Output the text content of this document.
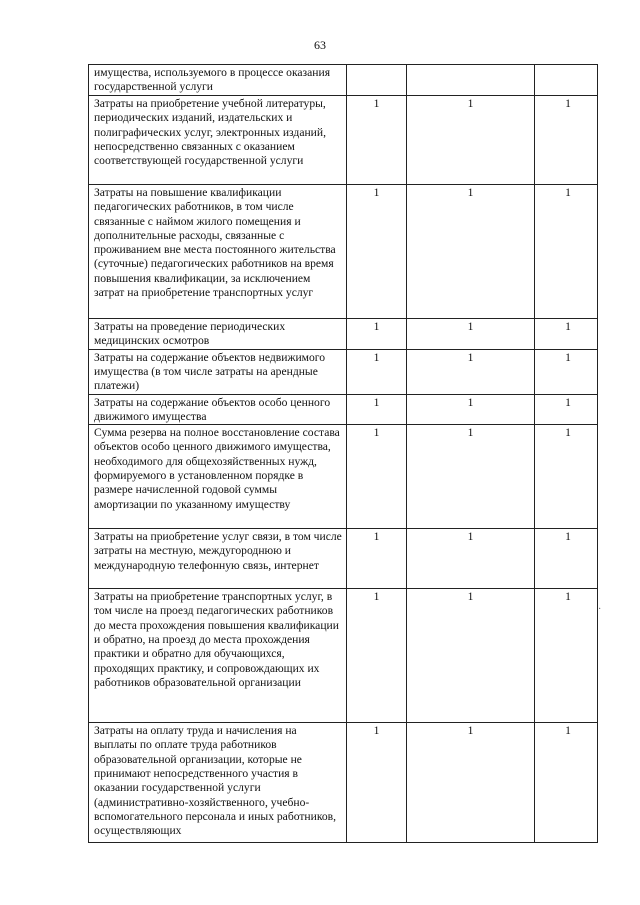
63
имущества, используемого в процессе оказания государственной услуги			
Затраты на приобретение учебной литературы, периодических изданий, издательских и полиграфических услуг, электронных изданий, непосредственно связанных с оказанием соответствующей государственной услуги	1	1	1
Затраты на повышение квалификации педагогических работников, в том числе связанные с наймом жилого помещения и дополнительные расходы, связанные с проживанием вне места постоянного жительства (суточные) педагогических работников на время повышения квалификации, за исключением затрат на приобретение транспортных услуг	1	1	1
Затраты на проведение периодических медицинских осмотров	1	1	1
Затраты на содержание объектов недвижимого имущества (в том числе затраты на арендные платежи)	1	1	1
Затраты на содержание объектов особо ценного движимого имущества	1	1	1
Сумма резерва на полное восстановление состава объектов особо ценного движимого имущества, необходимого для общехозяйственных нужд, формируемого в установленном порядке в размере начисленной годовой суммы амортизации по указанному имуществу	1	1	1
Затраты на приобретение услуг связи, в том числе затраты на местную, междугороднюю и международную телефонную связь, интернет	1	1	1
Затраты на приобретение транспортных услуг, в том числе на проезд педагогических работников до места прохождения повышения квалификации и обратно, на проезд до места прохождения практики и обратно для обучающихся, проходящих практику, и сопровождающих их работников образовательной организации	1	1	1
Затраты на оплату труда и начисления на выплаты по оплате труда работников образовательной организации, которые не принимают непосредственного участия в оказании государственной услуги (административно-хозяйственного, учебно-вспомогательного персонала и иных работников, осуществляющих	1	1	1
·
